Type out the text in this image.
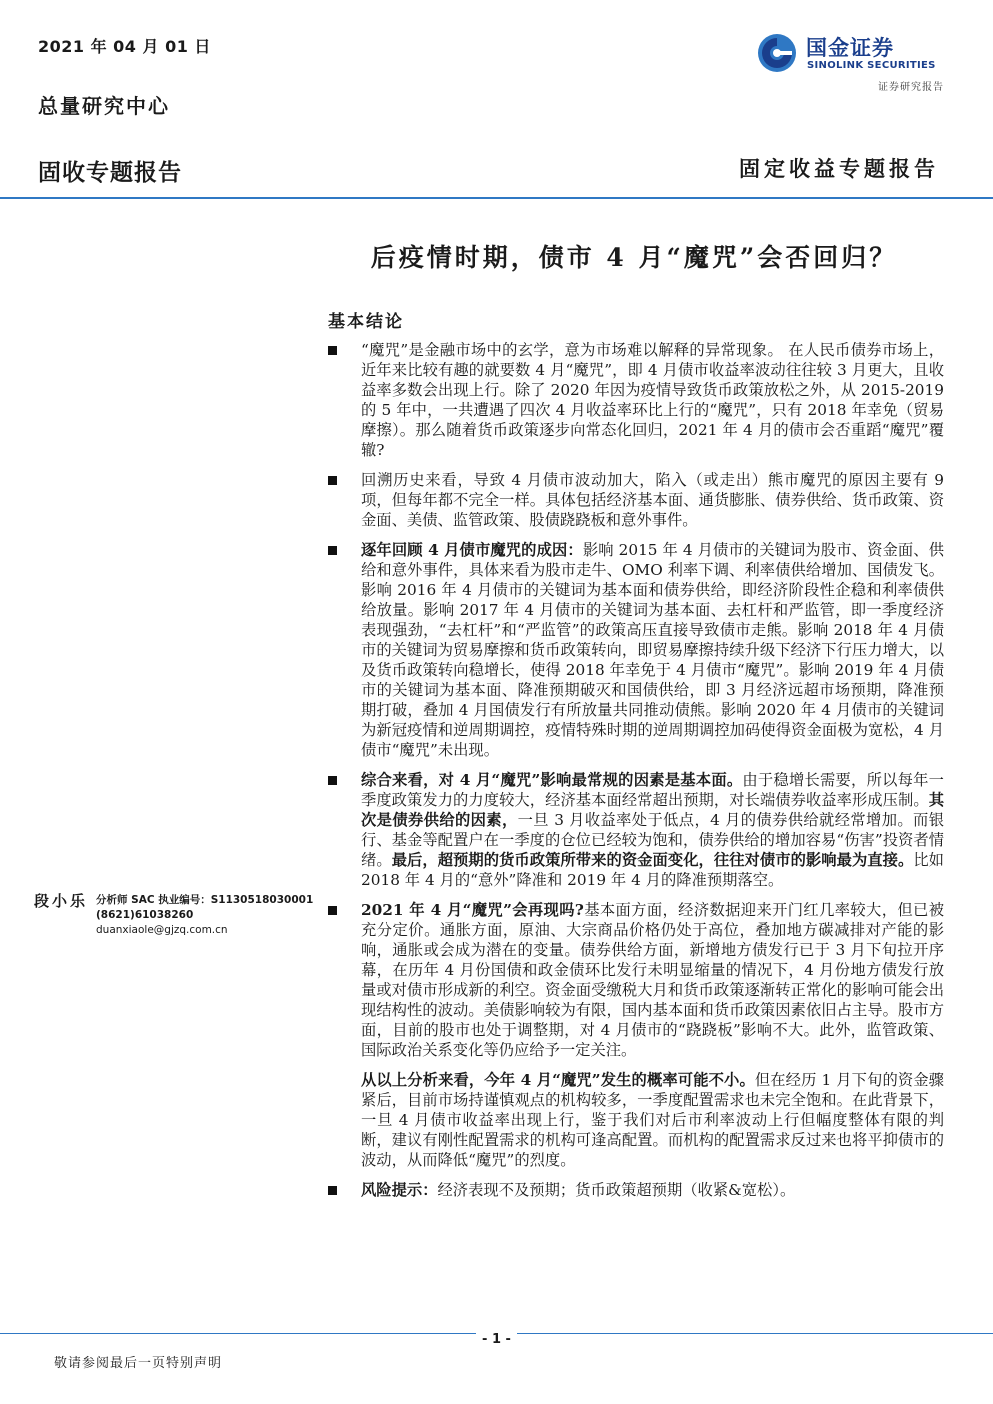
2021 年 04 月 01 日
总量研究中心
固收专题报告	固定收益专题报告
国金证券
SINOLINK SECURITIES
证券研究报告
后疫情时期，债市 4 月“魔咒”会否回归？
基本结论
“魔咒”是金融市场中的玄学，意为市场难以解释的异常现象。 在人民币债券市场上，近年来比较有趣的就要数 4 月“魔咒”，即 4 月债市收益率波动往往较 3 月更大，且收益率多数会出现上行。除了 2020 年因为疫情导致货币政策放松之外，从 2015-2019 的 5 年中，一共遭遇了四次 4 月收益率环比上行的“魔咒”，只有 2018 年幸免（贸易摩擦）。那么随着货币政策逐步向常态化回归，2021 年 4 月的债市会否重蹈“魔咒”覆辙?
回溯历史来看，导致 4 月债市波动加大，陷入（或走出）熊市魔咒的原因主要有 9 项，但每年都不完全一样。具体包括经济基本面、通货膨胀、债券供给、货币政策、资金面、美债、监管政策、股债跷跷板和意外事件。
逐年回顾 4 月债市魔咒的成因：影响 2015 年 4 月债市的关键词为股市、资金面、供给和意外事件，具体来看为股市走牛、OMO 利率下调、利率债供给增加、国债发飞。影响 2016 年 4 月债市的关键词为基本面和债券供给，即经济阶段性企稳和利率债供给放量。影响 2017 年 4 月债市的关键词为基本面、去杠杆和严监管，即一季度经济表现强劲，“去杠杆”和“严监管”的政策高压直接导致债市走熊。影响 2018 年 4 月债市的关键词为贸易摩擦和货币政策转向，即贸易摩擦持续升级下经济下行压力增大，以及货币政策转向稳增长，使得 2018 年幸免于 4 月债市“魔咒”。影响 2019 年 4 月债市的关键词为基本面、降准预期破灭和国债供给，即 3 月经济远超市场预期，降准预期打破，叠加 4 月国债发行有所放量共同推动债熊。影响 2020 年 4 月债市的关键词为新冠疫情和逆周期调控，疫情特殊时期的逆周期调控加码使得资金面极为宽松，4 月债市“魔咒”未出现。
综合来看，对 4 月“魔咒”影响最常规的因素是基本面。由于稳增长需要，所以每年一季度政策发力的力度较大，经济基本面经常超出预期，对长端债券收益率形成压制。其次是债券供给的因素，一旦 3 月收益率处于低点，4 月的债券供给就经常增加。而银行、基金等配置户在一季度的仓位已经较为饱和，债券供给的增加容易“伤害”投资者情绪。最后，超预期的货币政策所带来的资金面变化，往往对债市的影响最为直接。比如 2018 年 4 月的“意外”降准和 2019 年 4 月的降准预期落空。
2021 年 4 月“魔咒”会再现吗?基本面方面，经济数据迎来开门红几率较大，但已被充分定价。通胀方面，原油、大宗商品价格仍处于高位，叠加地方碳减排对产能的影响，通胀或会成为潜在的变量。债券供给方面，新增地方债发行已于 3 月下旬拉开序幕，在历年 4 月份国债和政金债环比发行未明显缩量的情况下，4 月份地方债发行放量或对债市形成新的利空。资金面受缴税大月和货币政策逐渐转正常化的影响可能会出现结构性的波动。美债影响较为有限，国内基本面和货币政策因素依旧占主导。股市方面，目前的股市也处于调整期，对 4 月债市的“跷跷板”影响不大。此外，监管政策、国际政治关系变化等仍应给予一定关注。
从以上分析来看，今年 4 月“魔咒”发生的概率可能不小。但在经历 1 月下旬的资金骤紧后，目前市场持谨慎观点的机构较多，一季度配置需求也未完全饱和。在此背景下，一旦 4 月债市收益率出现上行，鉴于我们对后市利率波动上行但幅度整体有限的判断，建议有刚性配置需求的机构可逢高配置。而机构的配置需求反过来也将平抑债市的波动，从而降低“魔咒”的烈度。
风险提示：经济表现不及预期；货币政策超预期（收紧&宽松）。
段小乐 分析师 SAC 执业编号：S1130518030001
(8621)61038260
duanxiaole@gjzq.com.cn
- 1 -
敬请参阅最后一页特别声明
